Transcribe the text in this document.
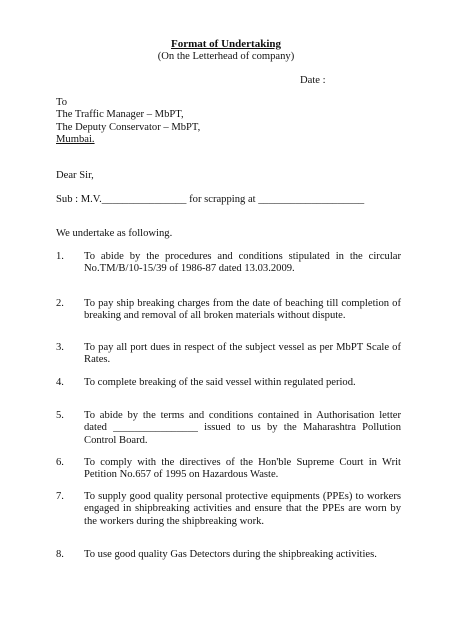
Format of Undertaking
(On the Letterhead of company)
Date :
To
The Traffic Manager – MbPT,
The Deputy Conservator – MbPT,
Mumbai.
Dear Sir,
Sub : M.V.________________ for scrapping at ____________________
We undertake as following.
1. To abide by the procedures and conditions stipulated in the circular No.TM/B/10-15/39 of 1986-87 dated 13.03.2009.
2. To pay ship breaking charges from the date of beaching till completion of breaking and removal of all broken materials without dispute.
3. To pay all port dues in respect of the subject vessel as per MbPT Scale of Rates.
4. To complete breaking of the said vessel within regulated period.
5. To abide by the terms and conditions contained in Authorisation letter dated ________________ issued to us by the Maharashtra Pollution Control Board.
6. To comply with the directives of the Hon'ble Supreme Court in Writ Petition No.657 of 1995 on Hazardous Waste.
7. To supply good quality personal protective equipments (PPEs) to workers engaged in shipbreaking activities and ensure that the PPEs are worn by the workers during the shipbreaking work.
8. To use good quality Gas Detectors during the shipbreaking activities.
